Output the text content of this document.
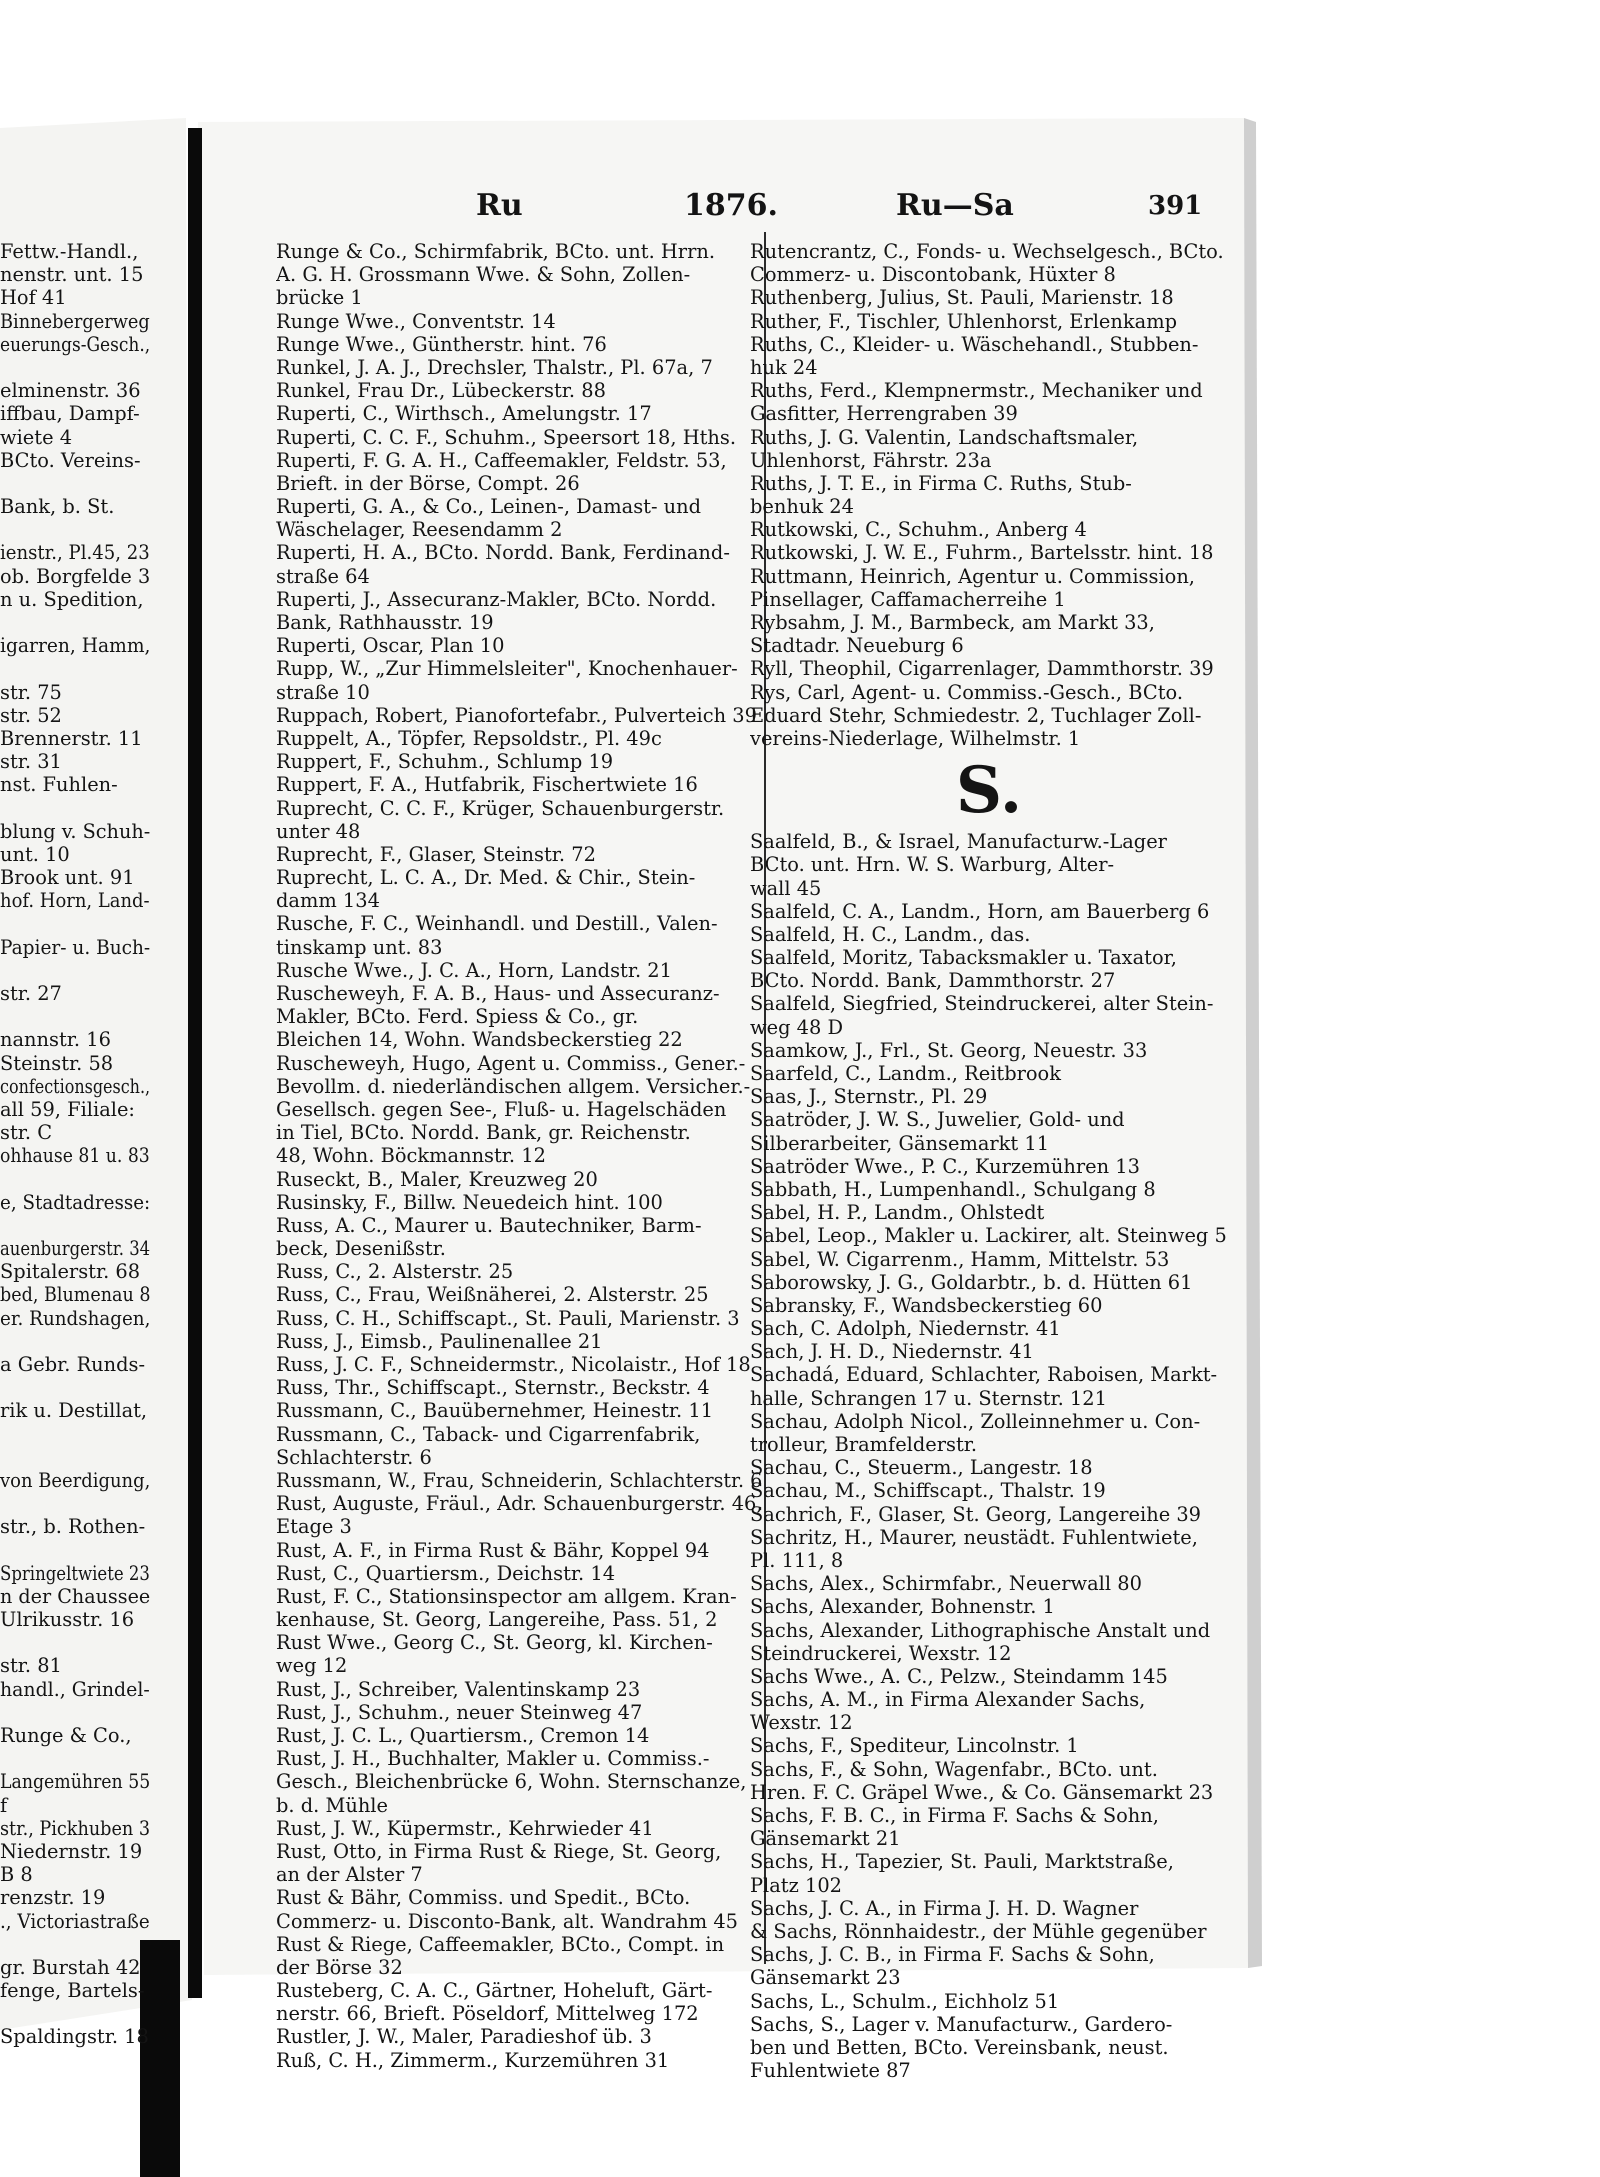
Ru	1876.	Ru—Sa	391
Fettw.-Handl.,
nenstr. unt. 15
Hof 41
Binnebergerweg
euerungs-Gesch.,
elminenstr. 36
iffbau, Dampf-
wiete 4
BCto. Vereins-
Bank, b. St.
ienstr., Pl.45, 23
ob. Borgfelde 3
n u. Spedition,
igarren, Hamm,
str. 75
str. 52
Brennerstr. 11
str. 31
nst. Fuhlen-
blung v. Schuh-
unt. 10
Brook unt. 91
hof. Horn, Land-
Papier- u. Buch-
str. 27
nannstr. 16
Steinstr. 58
confectionsgesch.,
all 59, Filiale:
str. C
ohhause 81 u. 83
e, Stadtadresse:
auenburgerstr. 34
Spitalerstr. 68
bed, Blumenau 8
er. Rundshagen,
a Gebr. Runds-
rik u. Destillat,
von Beerdigung,
str., b. Rothen-
Springeltwiete 23
n der Chaussee
Ulrikusstr. 16
str. 81
handl., Grindel-
Runge & Co.,
Langemühren 55
f
str., Pickhuben 3
Niedernstr. 19
B 8
renzstr. 19
., Victoriastraße
gr. Burstah 42
fenge, Bartels-
Spaldingstr. 18
Runge & Co., Schirmfabrik, BCto. unt. Hrrn.
A. G. H. Grossmann Wwe. & Sohn, Zollen-
brücke 1
Runge Wwe., Conventstr. 14
Runge Wwe., Güntherstr. hint. 76
Runkel, J. A. J., Drechsler, Thalstr., Pl. 67a, 7
Runkel, Frau Dr., Lübeckerstr. 88
Ruperti, C., Wirthsch., Amelungstr. 17
Ruperti, C. C. F., Schuhm., Speersort 18, Hths.
Ruperti, F. G. A. H., Caffeemakler, Feldstr. 53,
Brieft. in der Börse, Compt. 26
Ruperti, G. A., & Co., Leinen-, Damast- und
Wäschelager, Reesendamm 2
Ruperti, H. A., BCto. Nordd. Bank, Ferdinand-
straße 64
Ruperti, J., Assecuranz-Makler, BCto. Nordd.
Bank, Rathhausstr. 19
Ruperti, Oscar, Plan 10
Rupp, W., „Zur Himmelsleiter", Knochenhauer-
straße 10
Ruppach, Robert, Pianofortefabr., Pulverteich 39
Ruppelt, A., Töpfer, Repsoldstr., Pl. 49c
Ruppert, F., Schuhm., Schlump 19
Ruppert, F. A., Hutfabrik, Fischertwiete 16
Ruprecht, C. C. F., Krüger, Schauenburgerstr.
unter 48
Ruprecht, F., Glaser, Steinstr. 72
Ruprecht, L. C. A., Dr. Med. & Chir., Stein-
damm 134
Rusche, F. C., Weinhandl. und Destill., Valen-
tinskamp unt. 83
Rusche Wwe., J. C. A., Horn, Landstr. 21
Ruscheweyh, F. A. B., Haus- und Assecuranz-
Makler, BCto. Ferd. Spiess & Co., gr.
Bleichen 14, Wohn. Wandsbeckerstieg 22
Ruscheweyh, Hugo, Agent u. Commiss., Gener.-
Bevollm. d. niederländischen allgem. Versicher.-
Gesellsch. gegen See-, Fluß- u. Hagelschäden
in Tiel, BCto. Nordd. Bank, gr. Reichenstr.
48, Wohn. Böckmannstr. 12
Ruseckt, B., Maler, Kreuzweg 20
Rusinsky, F., Billw. Neuedeich hint. 100
Russ, A. C., Maurer u. Bautechniker, Barm-
beck, Desenißstr.
Russ, C., 2. Alsterstr. 25
Russ, C., Frau, Weißnäherei, 2. Alsterstr. 25
Russ, C. H., Schiffscapt., St. Pauli, Marienstr. 3
Russ, J., Eimsb., Paulinenallee 21
Russ, J. C. F., Schneidermstr., Nicolaistr., Hof 18
Russ, Thr., Schiffscapt., Sternstr., Beckstr. 4
Russmann, C., Bauübernehmer, Heinestr. 11
Russmann, C., Taback- und Cigarrenfabrik,
Schlachterstr. 6
Russmann, W., Frau, Schneiderin, Schlachterstr. 6
Rust, Auguste, Fräul., Adr. Schauenburgerstr. 46,
Etage 3
Rust, A. F., in Firma Rust & Bähr, Koppel 94
Rust, C., Quartiersm., Deichstr. 14
Rust, F. C., Stationsinspector am allgem. Kran-
kenhause, St. Georg, Langereihe, Pass. 51, 2
Rust Wwe., Georg C., St. Georg, kl. Kirchen-
weg 12
Rust, J., Schreiber, Valentinskamp 23
Rust, J., Schuhm., neuer Steinweg 47
Rust, J. C. L., Quartiersm., Cremon 14
Rust, J. H., Buchhalter, Makler u. Commiss.-
Gesch., Bleichenbrücke 6, Wohn. Sternschanze,
b. d. Mühle
Rust, J. W., Küpermstr., Kehrwieder 41
Rust, Otto, in Firma Rust & Riege, St. Georg,
an der Alster 7
Rust & Bähr, Commiss. und Spedit., BCto.
Commerz- u. Disconto-Bank, alt. Wandrahm 45
Rust & Riege, Caffeemakler, BCto., Compt. in
der Börse 32
Rusteberg, C. A. C., Gärtner, Hoheluft, Gärt-
nerstr. 66, Brieft. Pöseldorf, Mittelweg 172
Rustler, J. W., Maler, Paradieshof üb. 3
Ruß, C. H., Zimmerm., Kurzemühren 31
Rutencrantz, C., Fonds- u. Wechselgesch., BCto.
Commerz- u. Discontobank, Hüxter 8
Ruthenberg, Julius, St. Pauli, Marienstr. 18
Ruther, F., Tischler, Uhlenhorst, Erlenkamp
Ruths, C., Kleider- u. Wäschehandl., Stubben-
huk 24
Ruths, Ferd., Klempnermstr., Mechaniker und
Gasfitter, Herrengraben 39
Ruths, J. G. Valentin, Landschaftsmaler,
Uhlenhorst, Fährstr. 23a
Ruths, J. T. E., in Firma C. Ruths, Stub-
benhuk 24
Rutkowski, C., Schuhm., Anberg 4
Rutkowski, J. W. E., Fuhrm., Bartelsstr. hint. 18
Ruttmann, Heinrich, Agentur u. Commission,
Pinsellager, Caffamacherreihe 1
Rybsahm, J. M., Barmbeck, am Markt 33,
Stadtadr. Neueburg 6
Ryll, Theophil, Cigarrenlager, Dammthorstr. 39
Rys, Carl, Agent- u. Commiss.-Gesch., BCto.
Eduard Stehr, Schmiedestr. 2, Tuchlager Zoll-
vereins-Niederlage, Wilhelmstr. 1
S.
Saalfeld, B., & Israel, Manufacturw.-Lager
BCto. unt. Hrn. W. S. Warburg, Alter-
wall 45
Saalfeld, C. A., Landm., Horn, am Bauerberg 6
Saalfeld, H. C., Landm., das.
Saalfeld, Moritz, Tabacksmakler u. Taxator,
BCto. Nordd. Bank, Dammthorstr. 27
Saalfeld, Siegfried, Steindruckerei, alter Stein-
weg 48 D
Saamkow, J., Frl., St. Georg, Neuestr. 33
Saarfeld, C., Landm., Reitbrook
Saas, J., Sternstr., Pl. 29
Saatröder, J. W. S., Juwelier, Gold- und
Silberarbeiter, Gänsemarkt 11
Saatröder Wwe., P. C., Kurzemühren 13
Sabbath, H., Lumpenhandl., Schulgang 8
Sabel, H. P., Landm., Ohlstedt
Sabel, Leop., Makler u. Lackirer, alt. Steinweg 5
Sabel, W. Cigarrenm., Hamm, Mittelstr. 53
Saborowsky, J. G., Goldarbtr., b. d. Hütten 61
Sabransky, F., Wandsbeckerstieg 60
Sach, C. Adolph, Niedernstr. 41
Sach, J. H. D., Niedernstr. 41
Sachadá, Eduard, Schlachter, Raboisen, Markt-
halle, Schrangen 17 u. Sternstr. 121
Sachau, Adolph Nicol., Zolleinnehmer u. Con-
trolleur, Bramfelderstr.
Sachau, C., Steuerm., Langestr. 18
Sachau, M., Schiffscapt., Thalstr. 19
Sachrich, F., Glaser, St. Georg, Langereihe 39
Sachritz, H., Maurer, neustädt. Fuhlentwiete,
Pl. 111, 8
Sachs, Alex., Schirmfabr., Neuerwall 80
Sachs, Alexander, Bohnenstr. 1
Sachs, Alexander, Lithographische Anstalt und
Steindruckerei, Wexstr. 12
Sachs Wwe., A. C., Pelzw., Steindamm 145
Sachs, A. M., in Firma Alexander Sachs,
Wexstr. 12
Sachs, F., Spediteur, Lincolnstr. 1
Sachs, F., & Sohn, Wagenfabr., BCto. unt.
Hren. F. C. Gräpel Wwe., & Co. Gänsemarkt 23
Sachs, F. B. C., in Firma F. Sachs & Sohn,
Gänsemarkt 21
Sachs, H., Tapezier, St. Pauli, Marktstraße,
Platz 102
Sachs, J. C. A., in Firma J. H. D. Wagner
& Sachs, Rönnhaidestr., der Mühle gegenüber
Sachs, J. C. B., in Firma F. Sachs & Sohn,
Gänsemarkt 23
Sachs, L., Schulm., Eichholz 51
Sachs, S., Lager v. Manufacturw., Gardero-
ben und Betten, BCto. Vereinsbank, neust.
Fuhlentwiete 87
